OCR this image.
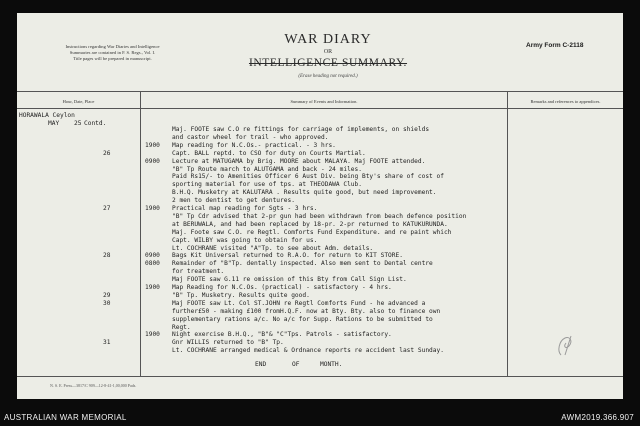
Instructions regarding War Diaries and Intelligence
Summaries are contained in F. S. Regs., Vol. I.
Title pages will be prepared in manuscript.
WAR DIARY
OR
INTELLIGENCE SUMMARY.
(Erase heading not required.)
Army Form C-2118
Hour, Date, Place	Summary of Events and Information.	Remarks and references to appendices.
HORAWALA Ceylon
MAY 25 Contd.
Maj. FOOTE saw C.O re fittings for carriage of implements, on shields
and castor wheel for trail - who approved.
1900 Map reading for N.C.Os.- practical. - 3 hrs.
26	Capt. BALL reptd. to CSO for duty on Courts Martial.
0900 Lecture at MATUGAMA by Brig. MOORE about MALAYA. Maj FOOTE attended.
"B" Tp Route march to ALUTGAMA and back - 24 miles.
Paid Rs15/- to Amenities Officer 6 Aust Div. being Bty's share of cost of
sporting material for use of tps. at THEODAWA Club.
B.H.Q. Musketry at KALUTARA . Results quite good, but need improvement.
2 men to dentist to get dentures.
27	1900 Practical map reading for Sgts - 3 hrs.
"B" Tp Cdr advised that 2-pr gun had been withdrawn from beach defence position
at BERUWALA, and had been replaced by 18-pr. 2-pr returned to KATUKURUNDA.
Maj. Foote saw C.O. re Regtl. Comforts Fund Expenditure. and re paint which
Capt. WILBY was going to obtain for us.
Lt. COCHRANE visited "A"Tp. to see about Adm. details.
28	0900 Bags Kit Universal returned to R.A.O. for return to KIT STORE.
0800 Remainder of "B"Tp. dentally inspected. Also mem sent to Dental centre
for treatment.
Maj FOOTE saw G.11 re omission of this Bty from Call Sign List.
1900 Map Reading for N.C.Os. (practical) - satisfactory - 4 hrs.
29	"B" Tp. Musketry. Results quite good.
30	Maj FOOTE saw Lt. Col ST.JOHN re Regtl Comforts Fund - he advanced a
further£50 - making £100 fromH.Q.F. now at Bty. Bty. also to finance own
supplementary rations a/c. No a/c for Supp. Rations to be submitted to
Regt.
1900 Night exercise B.H.Q., "B"& "C"Tps. Patrols - satisfactory.
31	Gnr WILLIS returned to "B" Tp.
Lt. COCHRANE arranged medical & Ordnance reports re accident last Sunday.
END	OF	MONTH.
N. S. E. Press—3817/C 909—12-8-41-1,00,000 Pads.
AUSTRALIAN WAR MEMORIAL	AWM2019.366.907
